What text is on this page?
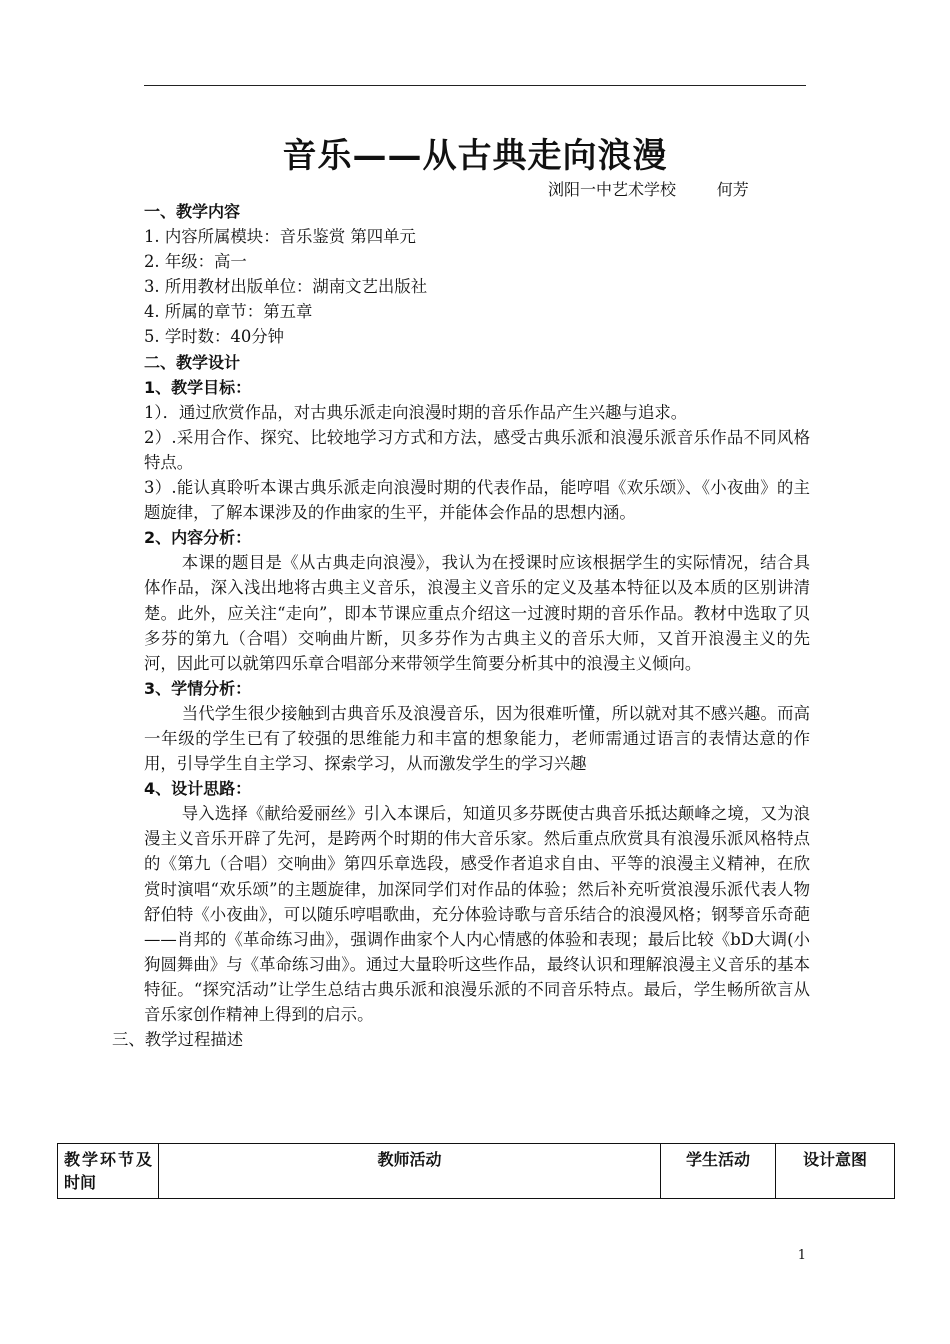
音乐——从古典走向浪漫
浏阳一中艺术学校	何芳
一、教学内容
1. 内容所属模块：音乐鉴赏 第四单元
2. 年级：高一
3. 所用教材出版单位：湖南文艺出版社
4. 所属的章节：第五章
5. 学时数：40分钟
二、教学设计
1、教学目标：
1）．通过欣赏作品，对古典乐派走向浪漫时期的音乐作品产生兴趣与追求。
2）.采用合作、探究、比较地学习方式和方法，感受古典乐派和浪漫乐派音乐作品不同风格特点。
3）.能认真聆听本课古典乐派走向浪漫时期的代表作品，能哼唱《欢乐颂》、《小夜曲》的主题旋律，了解本课涉及的作曲家的生平，并能体会作品的思想内涵。
2、内容分析：
本课的题目是《从古典走向浪漫》，我认为在授课时应该根据学生的实际情况，结合具体作品，深入浅出地将古典主义音乐，浪漫主义音乐的定义及基本特征以及本质的区别讲清楚。此外，应关注“走向”，即本节课应重点介绍这一过渡时期的音乐作品。教材中选取了贝多芬的第九（合唱）交响曲片断，贝多芬作为古典主义的音乐大师，又首开浪漫主义的先河，因此可以就第四乐章合唱部分来带领学生简要分析其中的浪漫主义倾向。
3、学情分析：
当代学生很少接触到古典音乐及浪漫音乐，因为很难听懂，所以就对其不感兴趣。而高一年级的学生已有了较强的思维能力和丰富的想象能力，老师需通过语言的表情达意的作用，引导学生自主学习、探索学习，从而激发学生的学习兴趣
4、设计思路：
导入选择《献给爱丽丝》引入本课后，知道贝多芬既使古典音乐抵达颠峰之境，又为浪漫主义音乐开辟了先河，是跨两个时期的伟大音乐家。然后重点欣赏具有浪漫乐派风格特点的《第九（合唱）交响曲》第四乐章选段，感受作者追求自由、平等的浪漫主义精神，在欣赏时演唱“欢乐颂”的主题旋律，加深同学们对作品的体验；然后补充听赏浪漫乐派代表人物舒伯特《小夜曲》，可以随乐哼唱歌曲，充分体验诗歌与音乐结合的浪漫风格；钢琴音乐奇葩——肖邦的《革命练习曲》，强调作曲家个人内心情感的体验和表现；最后比较《bD大调(小狗圆舞曲》与《革命练习曲》。通过大量聆听这些作品，最终认识和理解浪漫主义音乐的基本特征。“探究活动”让学生总结古典乐派和浪漫乐派的不同音乐特点。最后，学生畅所欲言从音乐家创作精神上得到的启示。
三、教学过程描述
教学环节及时间	教师活动	学生活动	设计意图
1
